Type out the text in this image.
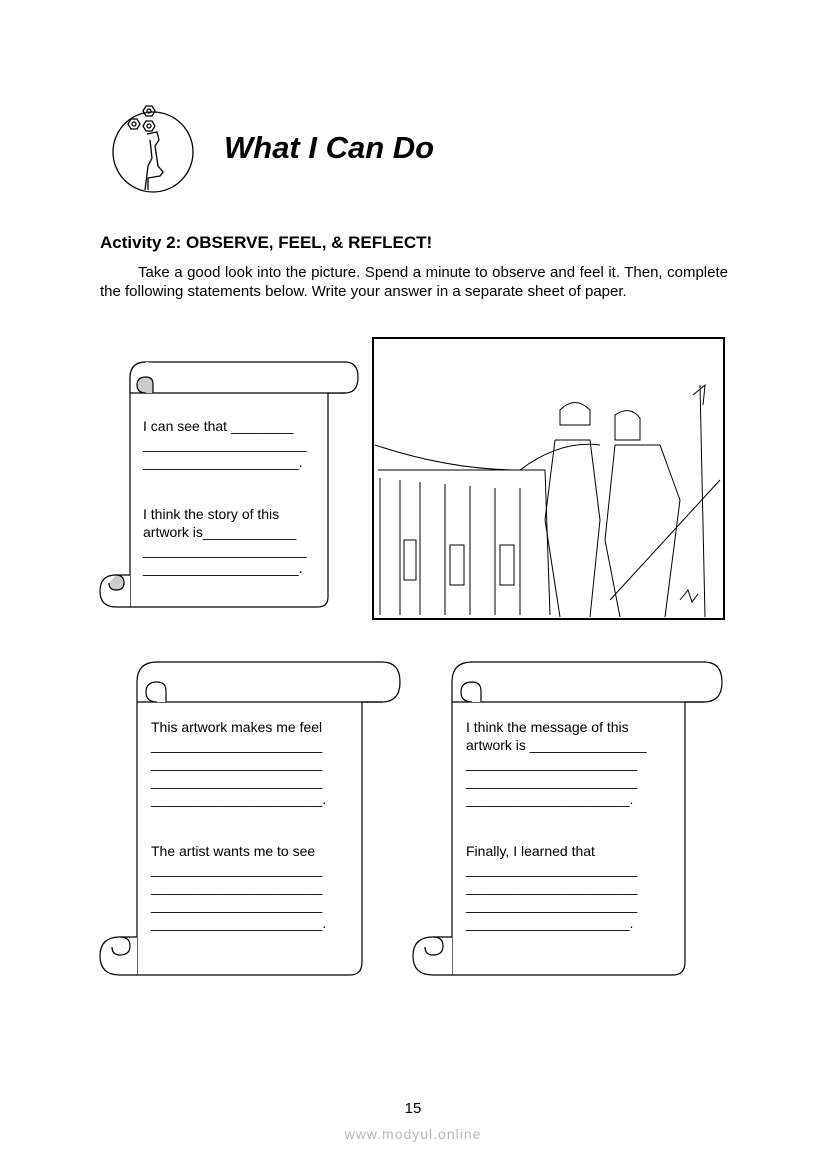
What I Can Do
Activity 2: OBSERVE, FEEL, & REFLECT!
Take a good look into the picture. Spend a minute to observe and feel it. Then, complete the following statements below. Write your answer in a separate sheet of paper.
I can see that ________
_____________________
____________________.
I think the story of this
artwork is____________
_____________________
____________________.
This artwork makes me feel
______________________
______________________
______________________
______________________.
The artist wants me to see
______________________
______________________
______________________
______________________.
I think the message of this
artwork is _______________
______________________
______________________
_____________________.
Finally, I learned that
______________________
______________________
______________________
_____________________.
15
www.modyul.online
